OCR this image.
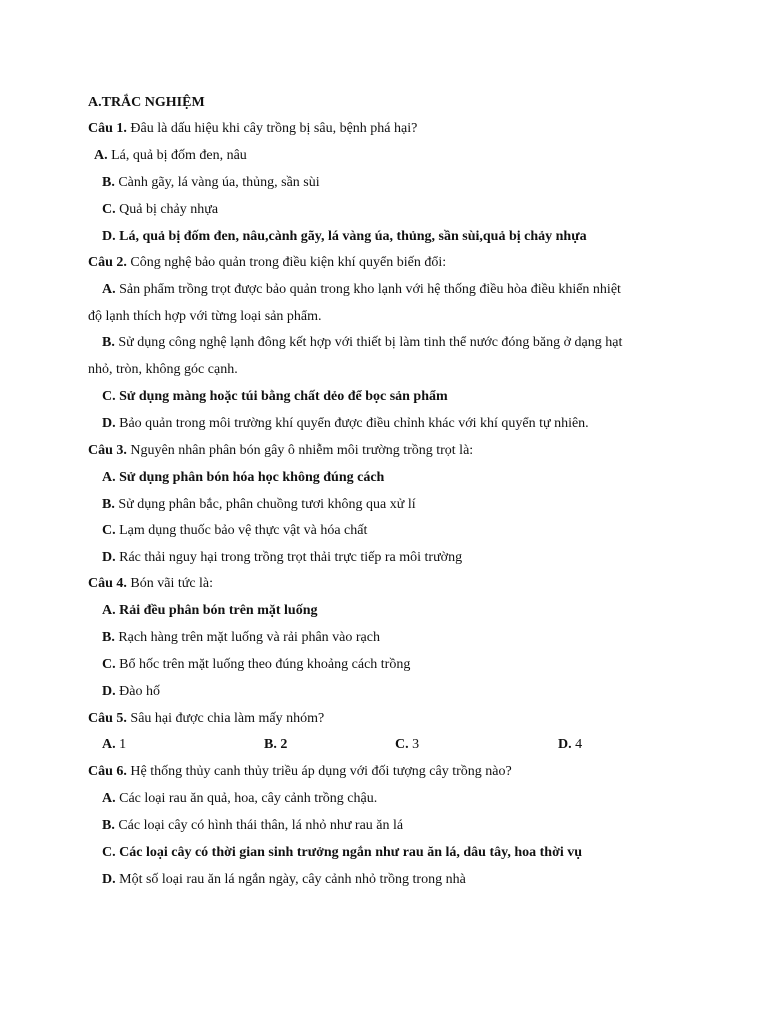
A.TRẮC NGHIỆM
Câu 1. Đâu là dấu hiệu khi cây trồng bị sâu, bệnh phá hại?
A. Lá, quả bị đốm đen, nâu
B. Cành gãy, lá vàng úa, thủng, sần sùi
C. Quả bị chảy nhựa
D. Lá, quả bị đốm đen, nâu,cành gãy, lá vàng úa, thủng, sần sùi,quả bị chảy nhựa
Câu 2. Công nghệ bảo quản trong điều kiện khí quyển biến đổi:
A. Sản phẩm trồng trọt được bảo quản trong kho lạnh với hệ thống điều hòa điều khiển nhiệt
độ lạnh thích hợp với từng loại sản phẩm.
B. Sử dụng công nghệ lạnh đông kết hợp với thiết bị làm tinh thể nước đóng băng ở dạng hạt
nhỏ, tròn, không góc cạnh.
C. Sử dụng màng hoặc túi bằng chất dẻo để bọc sản phẩm
D. Bảo quản trong môi trường khí quyển được điều chỉnh khác với khí quyển tự nhiên.
Câu 3. Nguyên nhân phân bón gây ô nhiễm môi trường trồng trọt là:
A. Sử dụng phân bón hóa học không đúng cách
B. Sử dụng phân bắc, phân chuồng tươi không qua xử lí
C. Lạm dụng thuốc bảo vệ thực vật và hóa chất
D. Rác thải nguy hại trong trồng trọt thải trực tiếp ra môi trường
Câu 4. Bón vãi tức là:
A. Rải đều phân bón trên mặt luống
B. Rạch hàng trên mặt luống và rải phân vào rạch
C. Bổ hốc trên mặt luống theo đúng khoảng cách trồng
D. Đào hố
Câu 5. Sâu hại được chia làm mấy nhóm?
A. 1	B. 2	C. 3	D. 4
Câu 6. Hệ thống thủy canh thủy triều áp dụng với đối tượng cây trồng nào?
A. Các loại rau ăn quả, hoa, cây cảnh trồng chậu.
B. Các loại cây có hình thái thân, lá nhỏ như rau ăn lá
C. Các loại cây có thời gian sinh trưởng ngắn như rau ăn lá, dâu tây, hoa thời vụ
D. Một số loại rau ăn lá ngắn ngày, cây cảnh nhỏ trồng trong nhà
